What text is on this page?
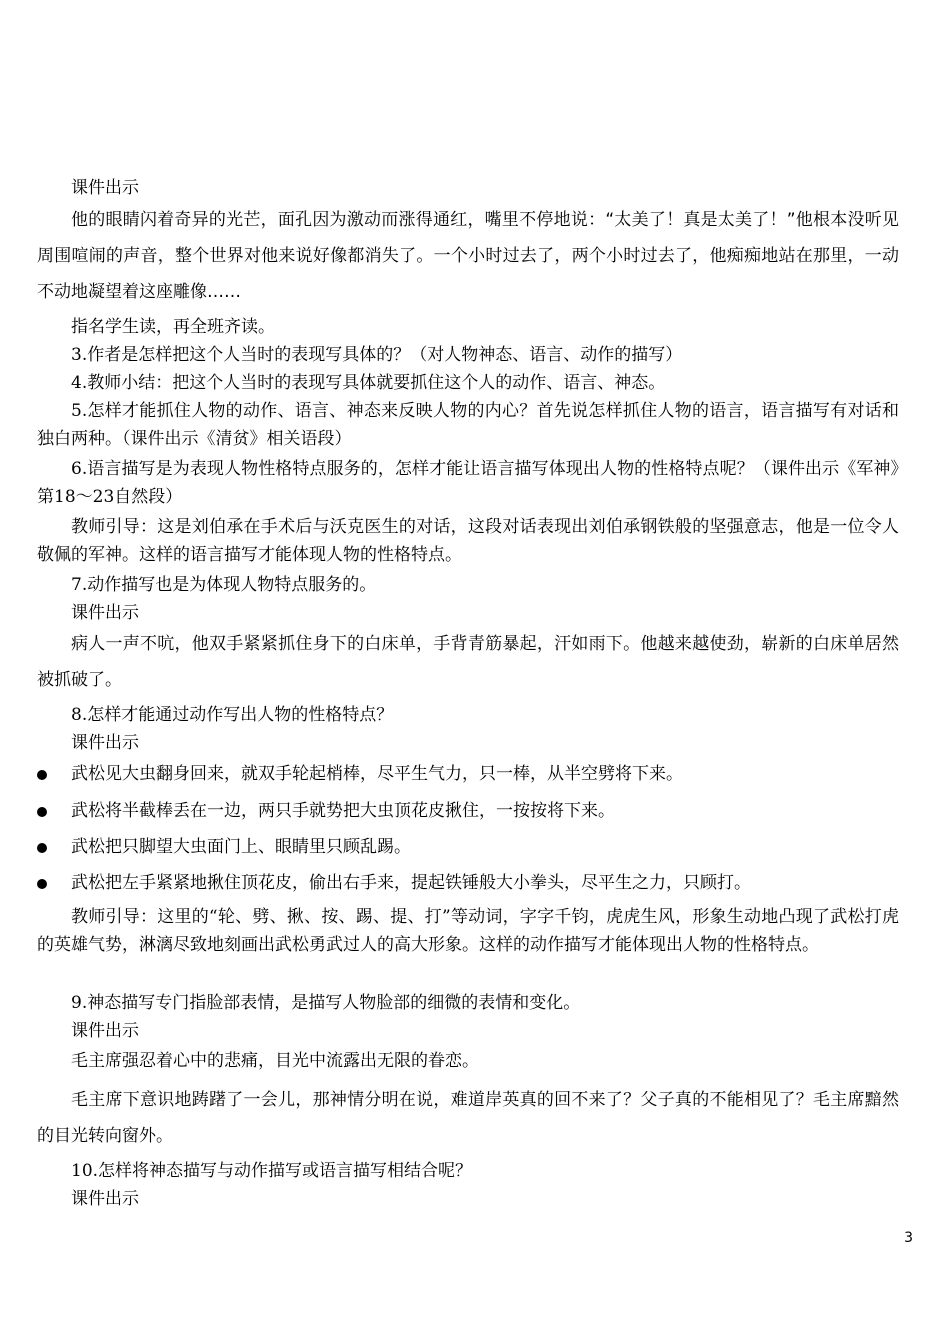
课件出示

他的眼睛闪着奇异的光芒，面孔因为激动而涨得通红，嘴里不停地说：“太美了！真是太美了！”他根本没听见周围喧闹的声音，整个世界对他来说好像都消失了。一个小时过去了，两个小时过去了，他痴痴地站在那里，一动不动地凝望着这座雕像……

指名学生读，再全班齐读。

3.作者是怎样把这个人当时的表现写具体的？（对人物神态、语言、动作的描写）

4.教师小结：把这个人当时的表现写具体就要抓住这个人的动作、语言、神态。

5.怎样才能抓住人物的动作、语言、神态来反映人物的内心？首先说怎样抓住人物的语言，语言描写有对话和独白两种。（课件出示《清贫》相关语段）

6.语言描写是为表现人物性格特点服务的，怎样才能让语言描写体现出人物的性格特点呢？（课件出示《军神》第18～23自然段）

教师引导：这是刘伯承在手术后与沃克医生的对话，这段对话表现出刘伯承钢铁般的坚强意志，他是一位令人敬佩的军神。这样的语言描写才能体现人物的性格特点。

7.动作描写也是为体现人物特点服务的。

课件出示

病人一声不吭，他双手紧紧抓住身下的白床单，手背青筋暴起，汗如雨下。他越来越使劲，崭新的白床单居然被抓破了。

8.怎样才能通过动作写出人物的性格特点？

课件出示

武松见大虫翻身回来，就双手轮起梢棒，尽平生气力，只一棒，从半空劈将下来。
武松将半截棒丢在一边，两只手就势把大虫顶花皮揪住，一按按将下来。
武松把只脚望大虫面门上、眼睛里只顾乱踢。
武松把左手紧紧地揪住顶花皮，偷出右手来，提起铁锤般大小拳头，尽平生之力，只顾打。

教师引导：这里的“轮、劈、揪、按、踢、提、打”等动词，字字千钧，虎虎生风，形象生动地凸现了武松打虎的英雄气势，淋漓尽致地刻画出武松勇武过人的高大形象。这样的动作描写才能体现出人物的性格特点。

9.神态描写专门指脸部表情，是描写人物脸部的细微的表情和变化。

课件出示

毛主席强忍着心中的悲痛，目光中流露出无限的眷恋。

毛主席下意识地踌躇了一会儿，那神情分明在说，难道岸英真的回不来了？父子真的不能相见了？毛主席黯然的目光转向窗外。

10.怎样将神态描写与动作描写或语言描写相结合呢？

课件出示

3
